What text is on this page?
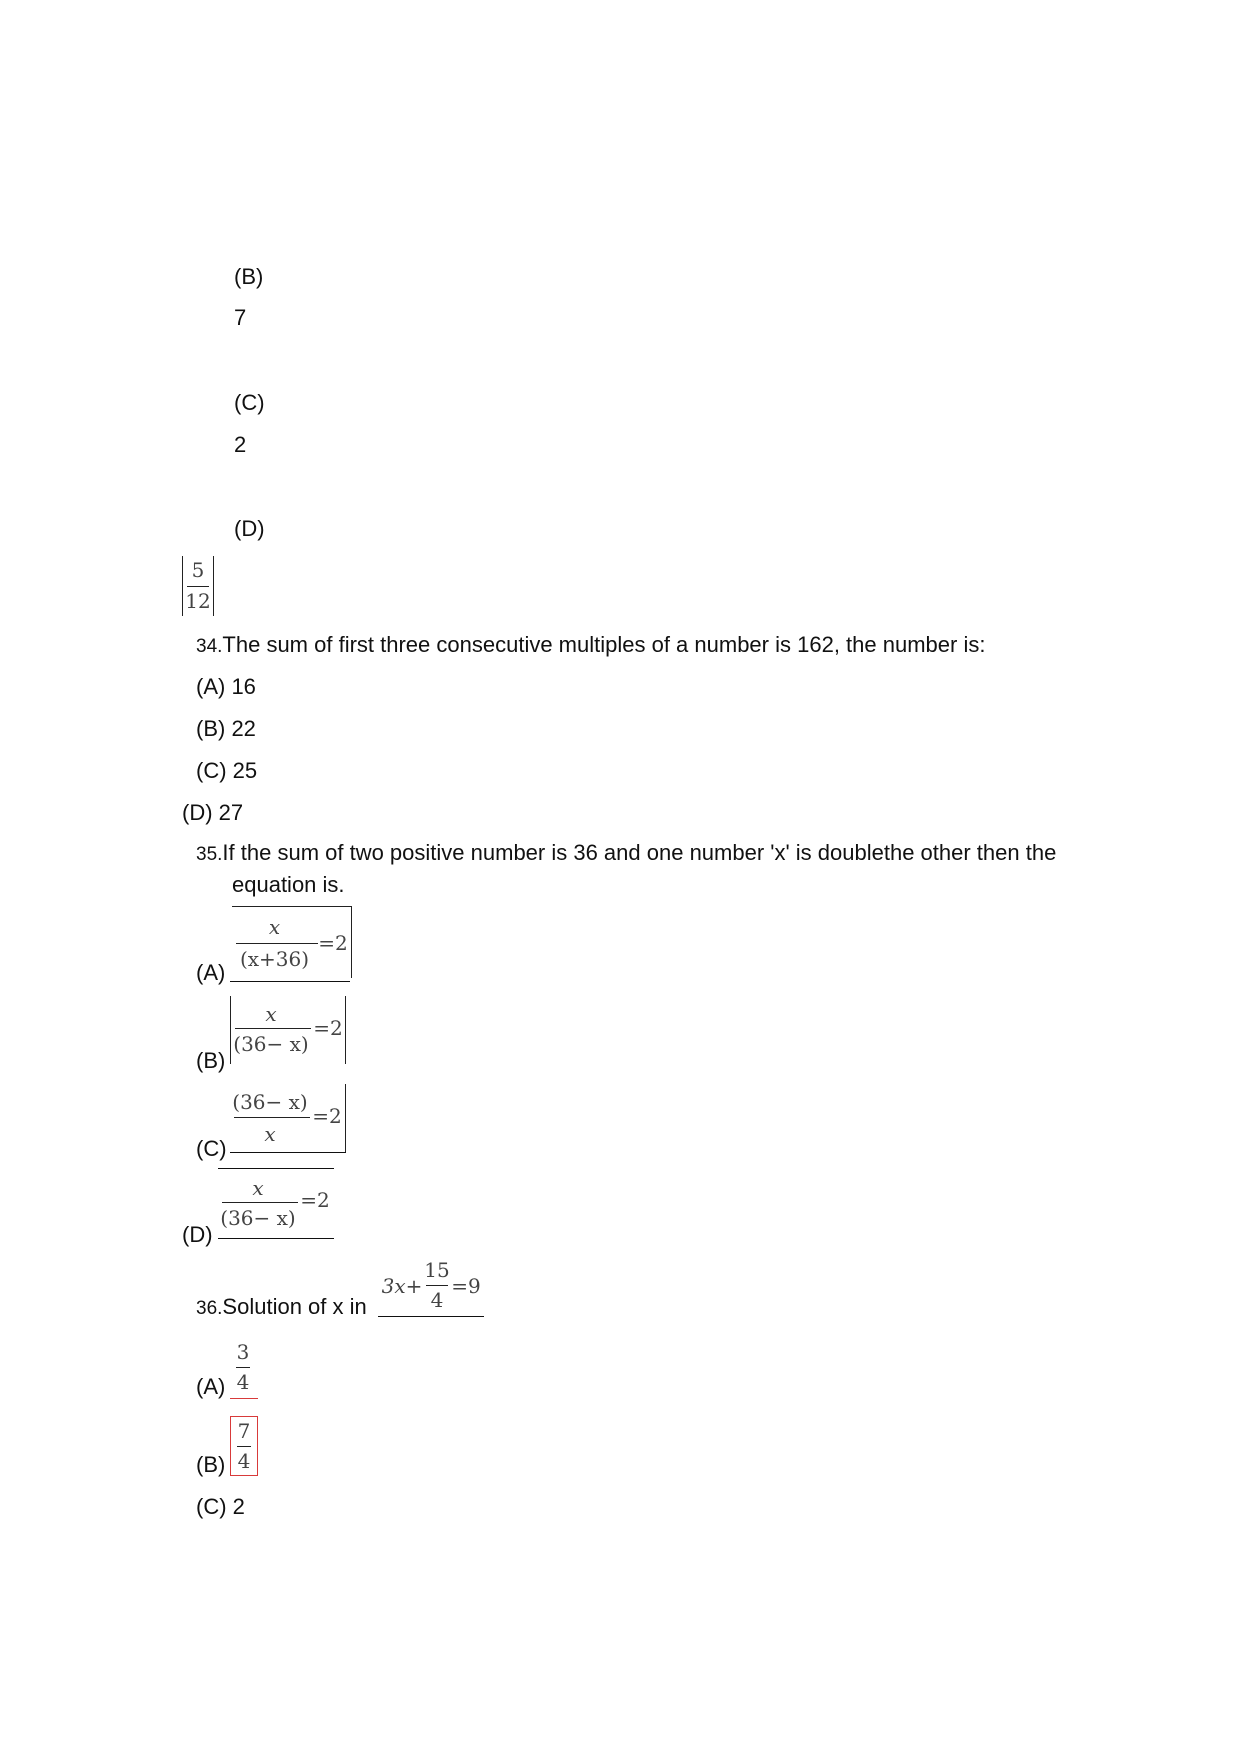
(B)
7
(C)
2
(D)
5
12
34.The sum of first three consecutive multiples of a number is 162, the number is:
(A) 16
(B) 22
(C) 25
(D) 27
35.If the sum of two positive number is 36 and one number 'x' is doublethe other then the equation is.
(A)
x
(x+36)
=2
(B)
x
(36− x)
=2
(C)
(36− x)
x
=2
(D)
x
(36− x)
=2
36.Solution of x in
3x+
15
4
=9
(A)
3
4
(B)
7
4
(C) 2
